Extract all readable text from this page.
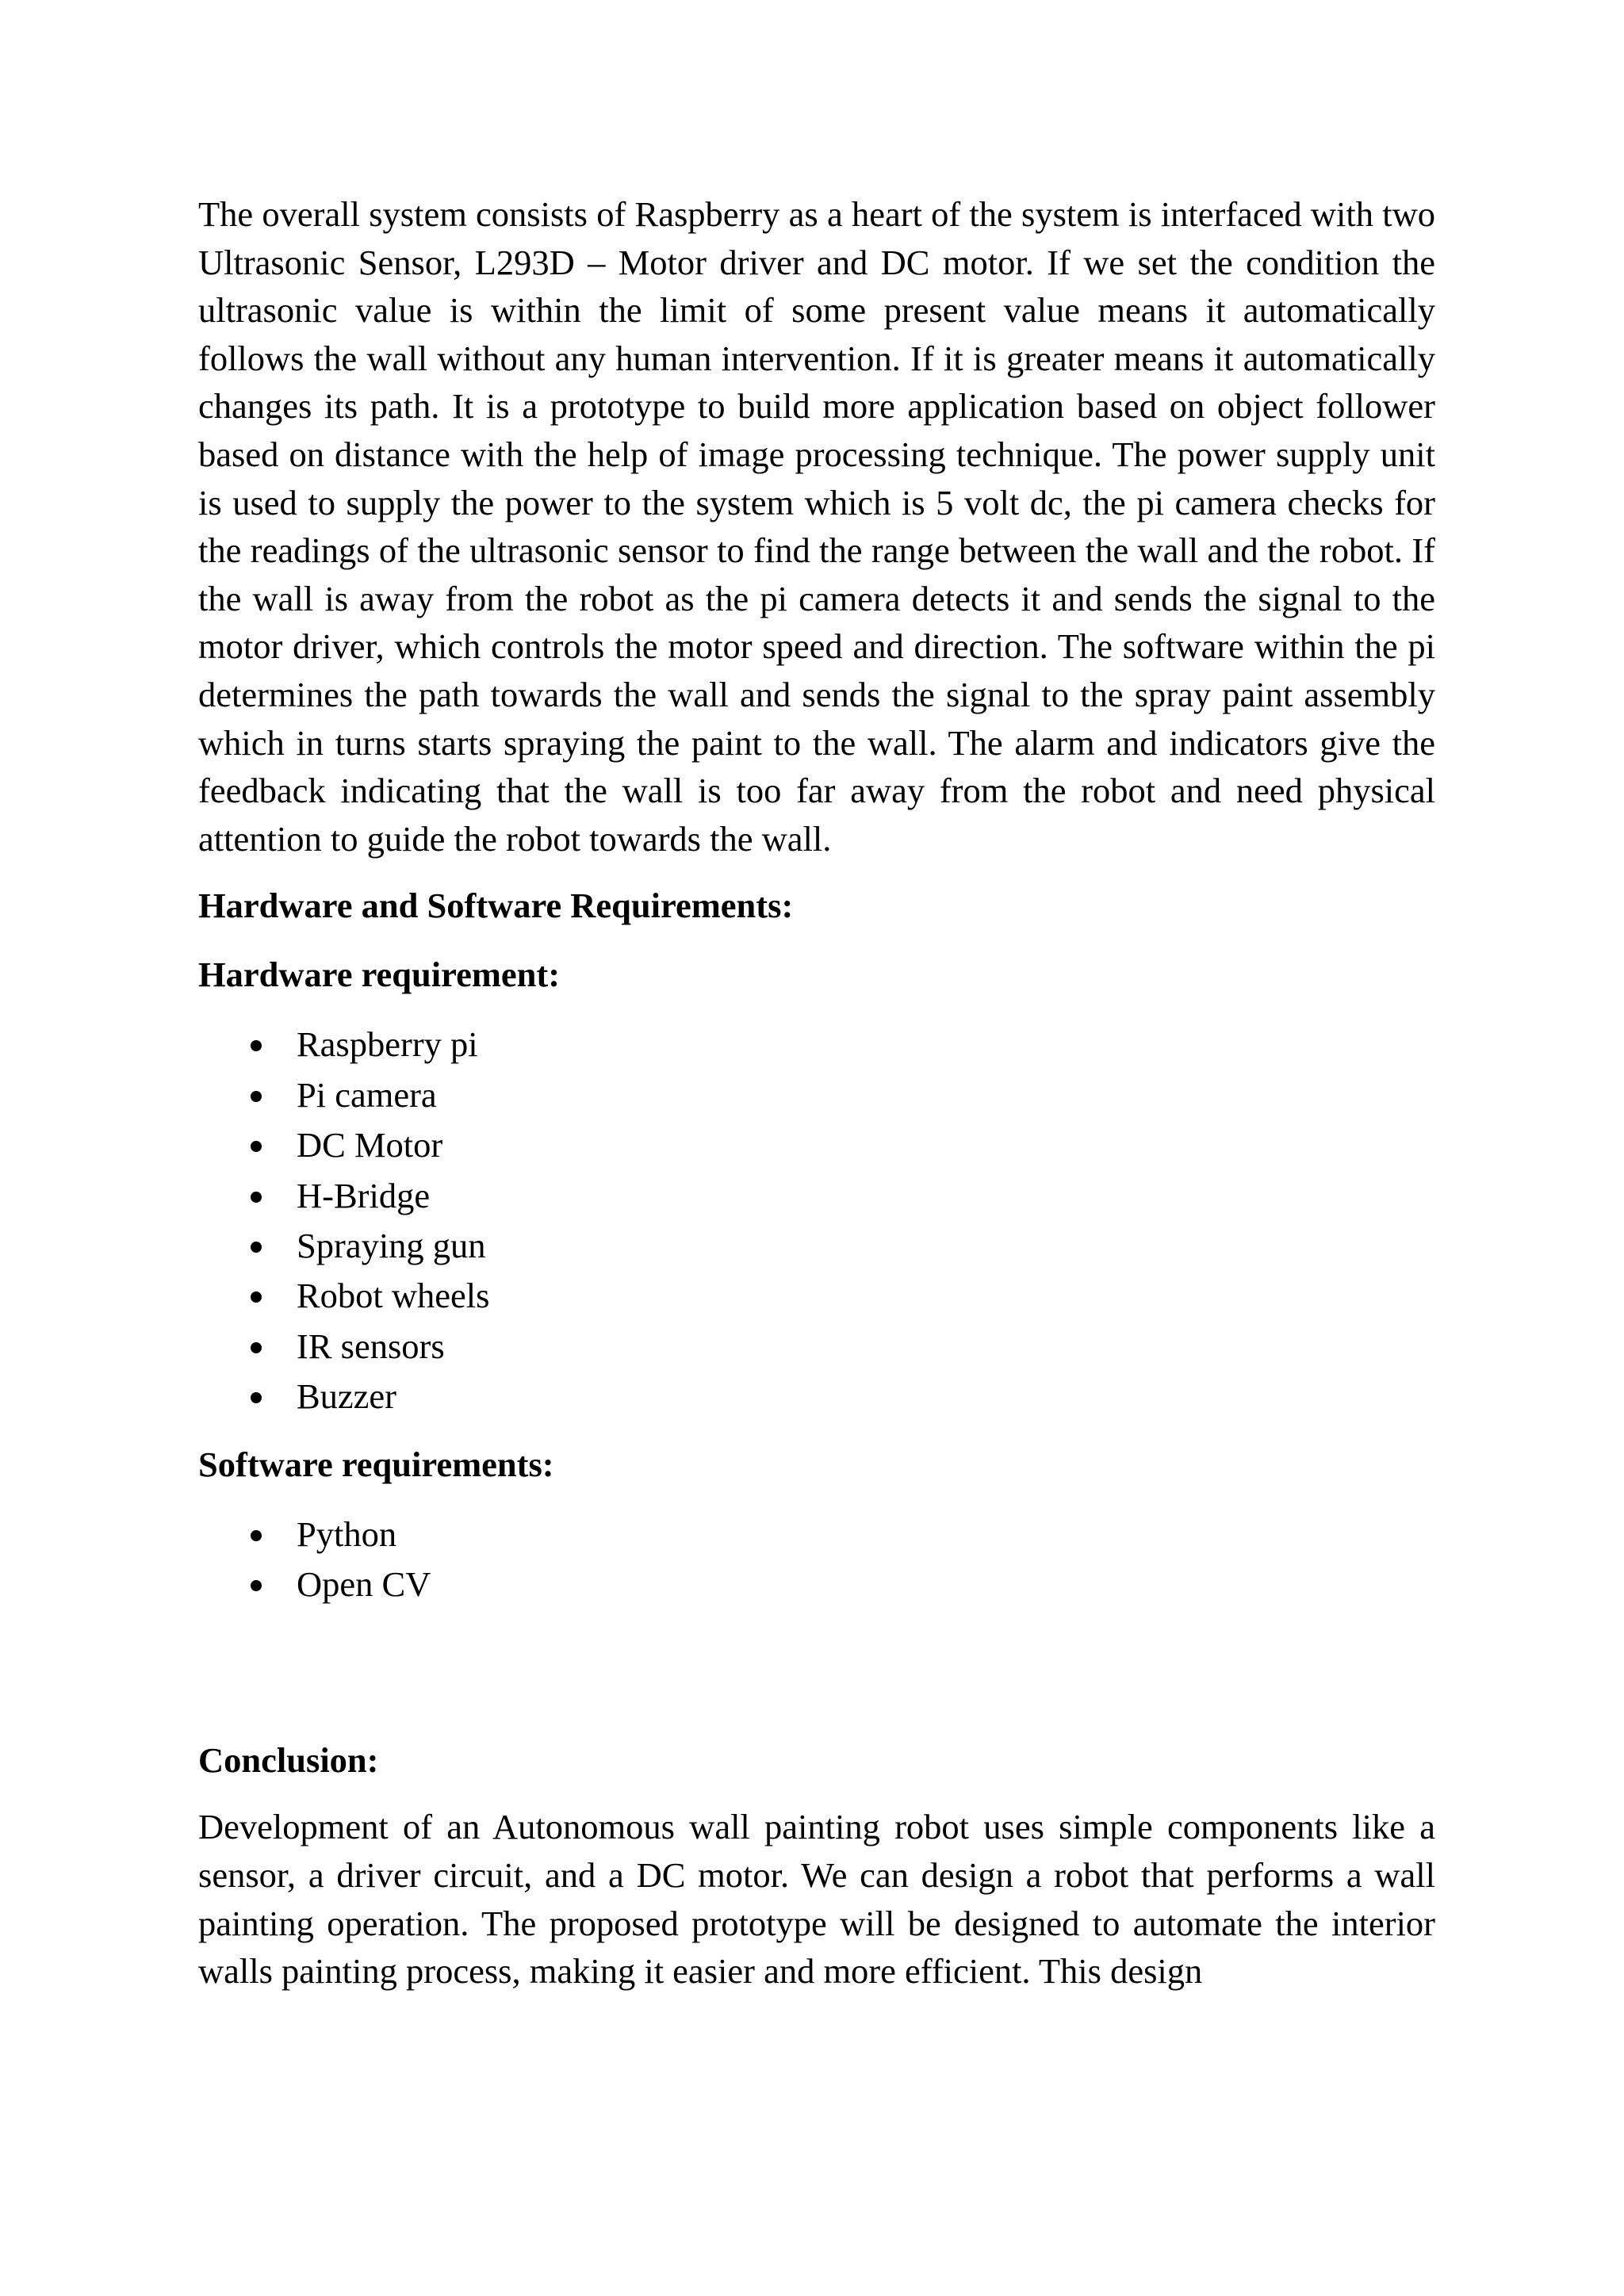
The overall system consists of Raspberry as a heart of the system is interfaced with two Ultrasonic Sensor, L293D – Motor driver and DC motor. If we set the condition the ultrasonic value is within the limit of some present value means it automatically follows the wall without any human intervention. If it is greater means it automatically changes its path. It is a prototype to build more application based on object follower based on distance with the help of image processing technique. The power supply unit is used to supply the power to the system which is 5 volt dc, the pi camera checks for the readings of the ultrasonic sensor to find the range between the wall and the robot. If the wall is away from the robot as the pi camera detects it and sends the signal to the motor driver, which controls the motor speed and direction. The software within the pi determines the path towards the wall and sends the signal to the spray paint assembly which in turns starts spraying the paint to the wall. The alarm and indicators give the feedback indicating that the wall is too far away from the robot and need physical attention to guide the robot towards the wall.

Hardware and Software Requirements:

Hardware requirement:

Raspberry pi
Pi camera
DC Motor
H-Bridge
Spraying gun
Robot wheels
IR sensors
Buzzer

Software requirements:

Python
Open CV

Conclusion:

Development of an Autonomous wall painting robot uses simple components like a sensor, a driver circuit, and a DC motor. We can design a robot that performs a wall painting operation. The proposed prototype will be designed to automate the interior walls painting process, making it easier and more efficient. This design
